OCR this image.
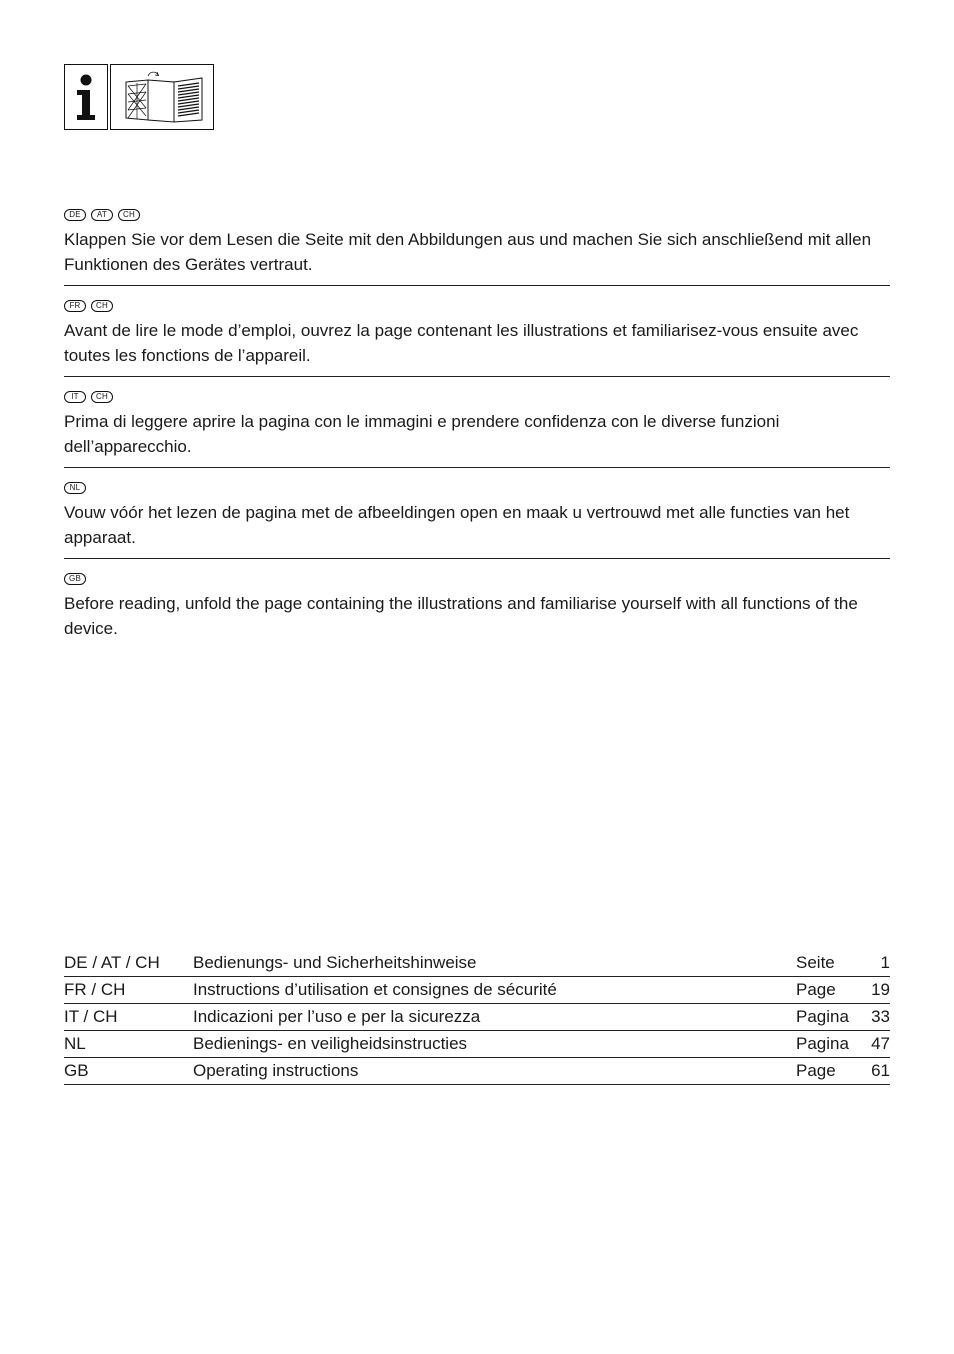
DE	AT	CH

Klappen Sie vor dem Lesen die Seite mit den Abbildungen aus und machen Sie sich anschließend mit allen Funktionen des Gerätes vertraut.

FR	CH

Avant de lire le mode d’emploi, ouvrez la page contenant les illustrations et familiarisez-vous ensuite avec toutes les fonctions de l’appareil.

IT	CH

Prima di leggere aprire la pagina con le immagini e prendere confidenza con le diverse funzioni dell’apparecchio.

NL

Vouw vóór het lezen de pagina met de afbeeldingen open en maak u vertrouwd met alle functies van het apparaat.

GB

Before reading, unfold the page containing the illustrations and familiarise yourself with all functions of the device.

DE / AT / CH	Bedienungs- und Sicherheitshinweise	Seite	1
FR / CH	Instructions d’utilisation et consignes de sécurité	Page	19
IT / CH	Indicazioni per l’uso e per la sicurezza	Pagina	33
NL	Bedienings- en veiligheidsinstructies	Pagina	47
GB	Operating instructions	Page	61
